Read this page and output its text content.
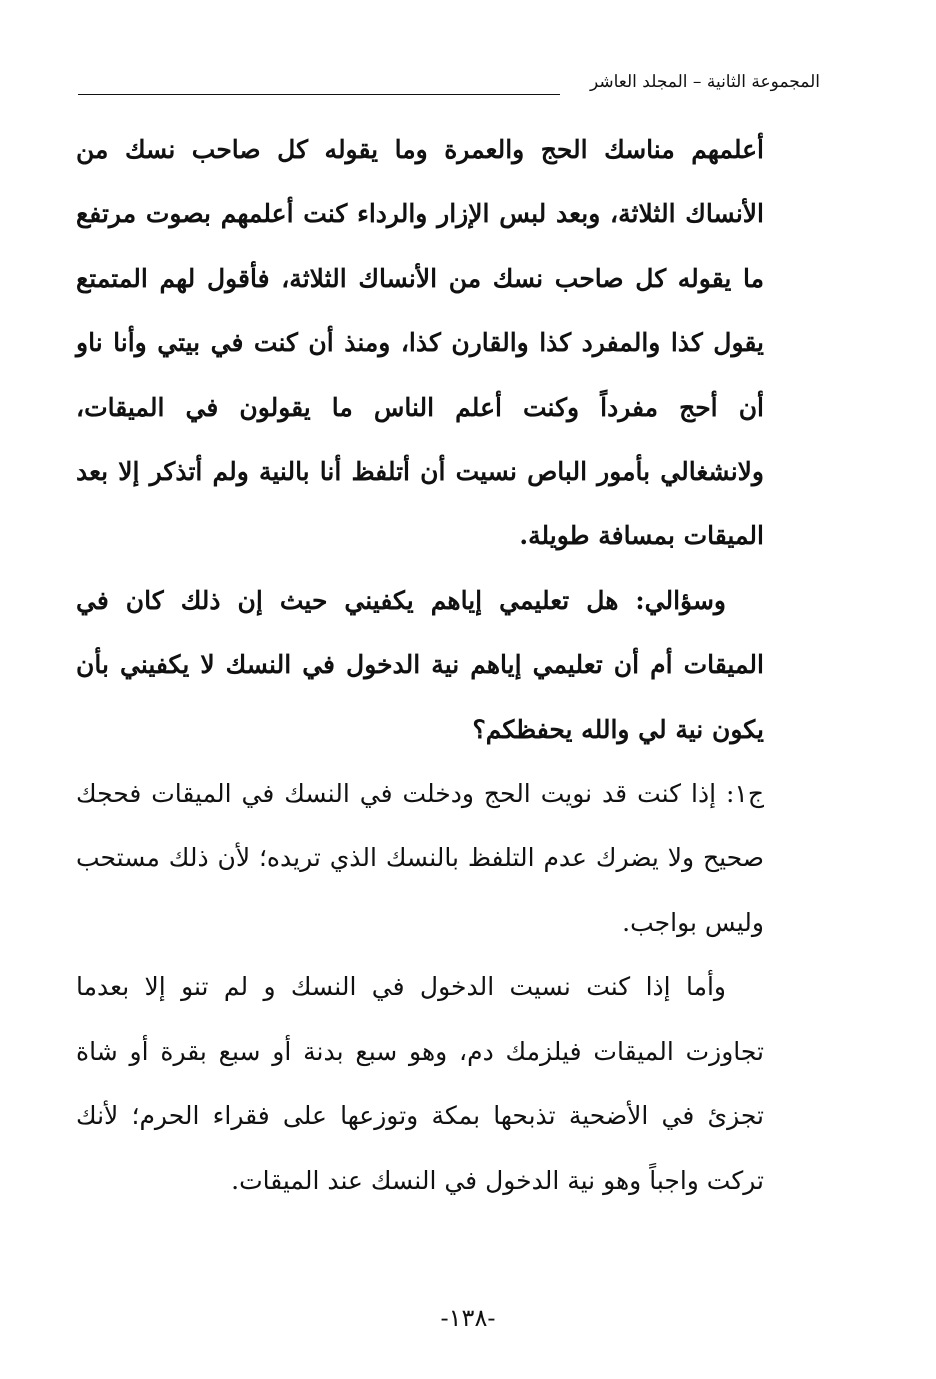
المجموعة الثانية – المجلد العاشر

أعلمهم مناسك الحج والعمرة وما يقوله كل صاحب نسك من الأنساك الثلاثة، وبعد لبس الإزار والرداء كنت أعلمهم بصوت مرتفع ما يقوله كل صاحب نسك من الأنساك الثلاثة، فأقول لهم المتمتع يقول كذا والمفرد كذا والقارن كذا، ومنذ أن كنت في بيتي وأنا ناو أن أحج مفرداً وكنت أعلم الناس ما يقولون في الميقات، ولانشغالي بأمور الباص نسيت أن أتلفظ أنا بالنية ولم أتذكر إلا بعد الميقات بمسافة طويلة.

وسؤالي: هل تعليمي إياهم يكفيني حيث إن ذلك كان في الميقات أم أن تعليمي إياهم نية الدخول في النسك لا يكفيني بأن يكون نية لي والله يحفظكم؟

ج١: إذا كنت قد نويت الحج ودخلت في النسك في الميقات فحجك صحيح ولا يضرك عدم التلفظ بالنسك الذي تريده؛ لأن ذلك مستحب وليس بواجب.

وأما إذا كنت نسيت الدخول في النسك و لم تنو إلا بعدما تجاوزت الميقات فيلزمك دم، وهو سبع بدنة أو سبع بقرة أو شاة تجزئ في الأضحية تذبحها بمكة وتوزعها على فقراء الحرم؛ لأنك تركت واجباً وهو نية الدخول في النسك عند الميقات.

-١٣٨-
